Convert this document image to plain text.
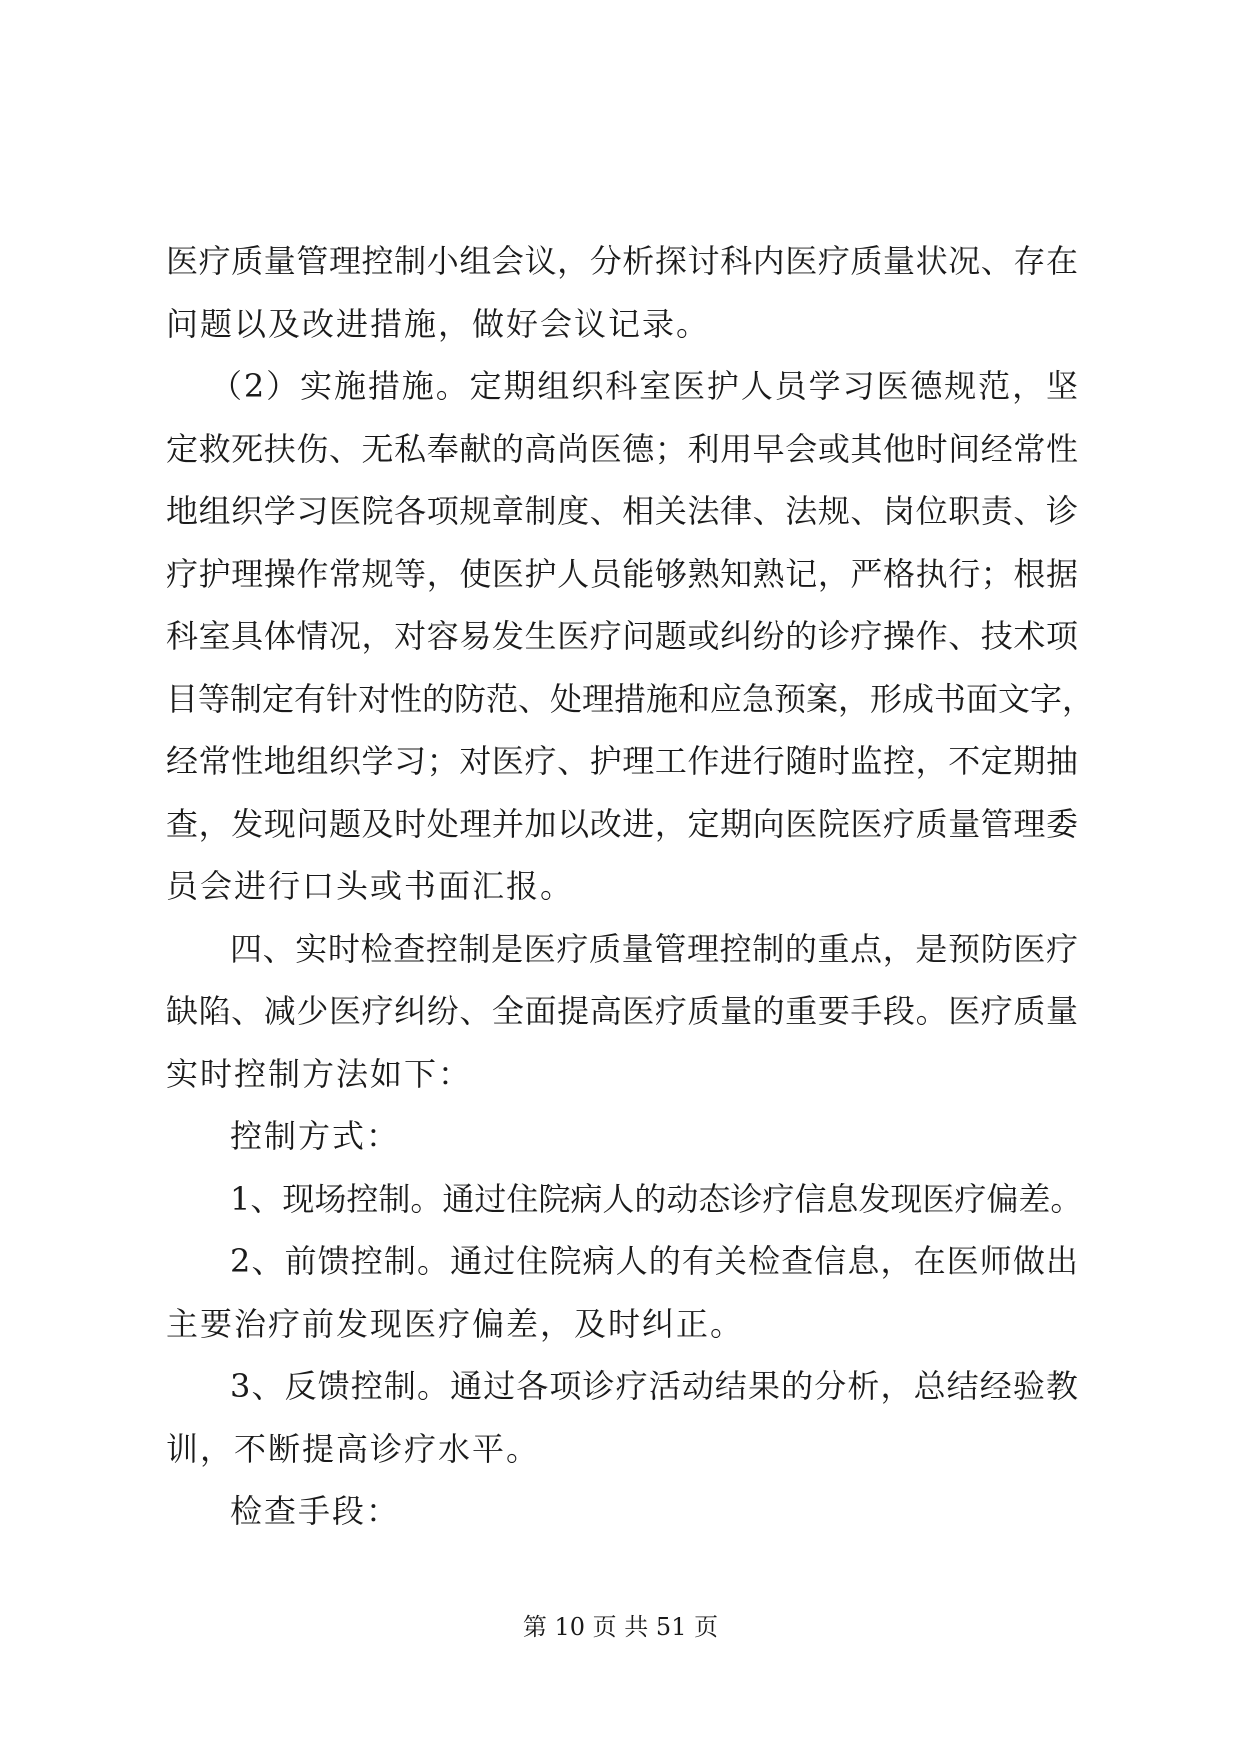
医疗质量管理控制小组会议，分析探讨科内医疗质量状况、存在
问题以及改进措施，做好会议记录。
（2）实施措施。定期组织科室医护人员学习医德规范，坚
定救死扶伤、无私奉献的高尚医德；利用早会或其他时间经常性
地组织学习医院各项规章制度、相关法律、法规、岗位职责、诊
疗护理操作常规等，使医护人员能够熟知熟记，严格执行；根据
科室具体情况，对容易发生医疗问题或纠纷的诊疗操作、技术项
目等制定有针对性的防范、处理措施和应急预案，形成书面文字，
经常性地组织学习；对医疗、护理工作进行随时监控，不定期抽
查，发现问题及时处理并加以改进，定期向医院医疗质量管理委
员会进行口头或书面汇报。
四、实时检查控制是医疗质量管理控制的重点，是预防医疗
缺陷、减少医疗纠纷、全面提高医疗质量的重要手段。医疗质量
实时控制方法如下：
控制方式：
1、现场控制。通过住院病人的动态诊疗信息发现医疗偏差。
2、前馈控制。通过住院病人的有关检查信息，在医师做出
主要治疗前发现医疗偏差，及时纠正。
3、反馈控制。通过各项诊疗活动结果的分析，总结经验教
训，不断提高诊疗水平。
检查手段：
第 10 页 共 51 页
